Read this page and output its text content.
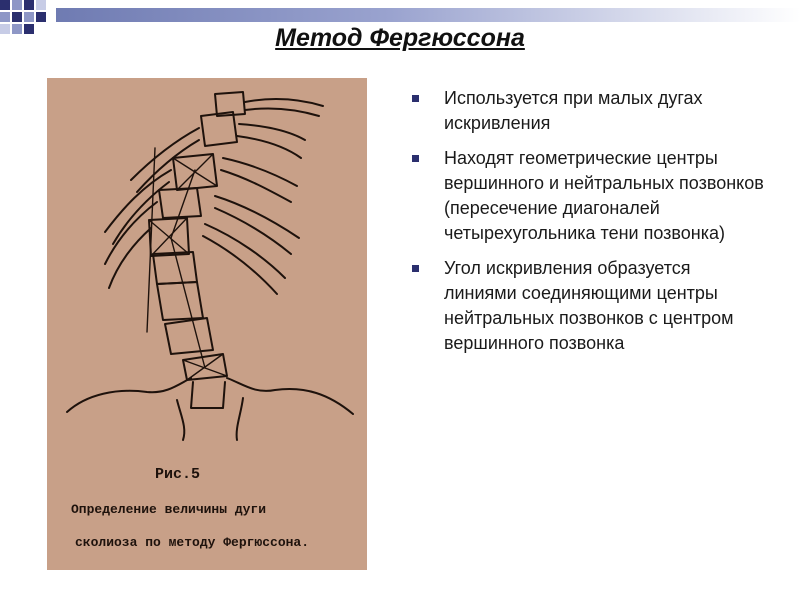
Метод Фергюссона

Рис.5

Определение величины дуги

сколиоза по методу Фергюссона.

Используется при малых дугах искривления
Находят геометрические центры вершинного и нейтральных позвонков (пересечение диагоналей четырехугольника тени позвонка)
Угол искривления образуется линиями соединяющими центры нейтральных позвонков с центром вершинного позвонка
